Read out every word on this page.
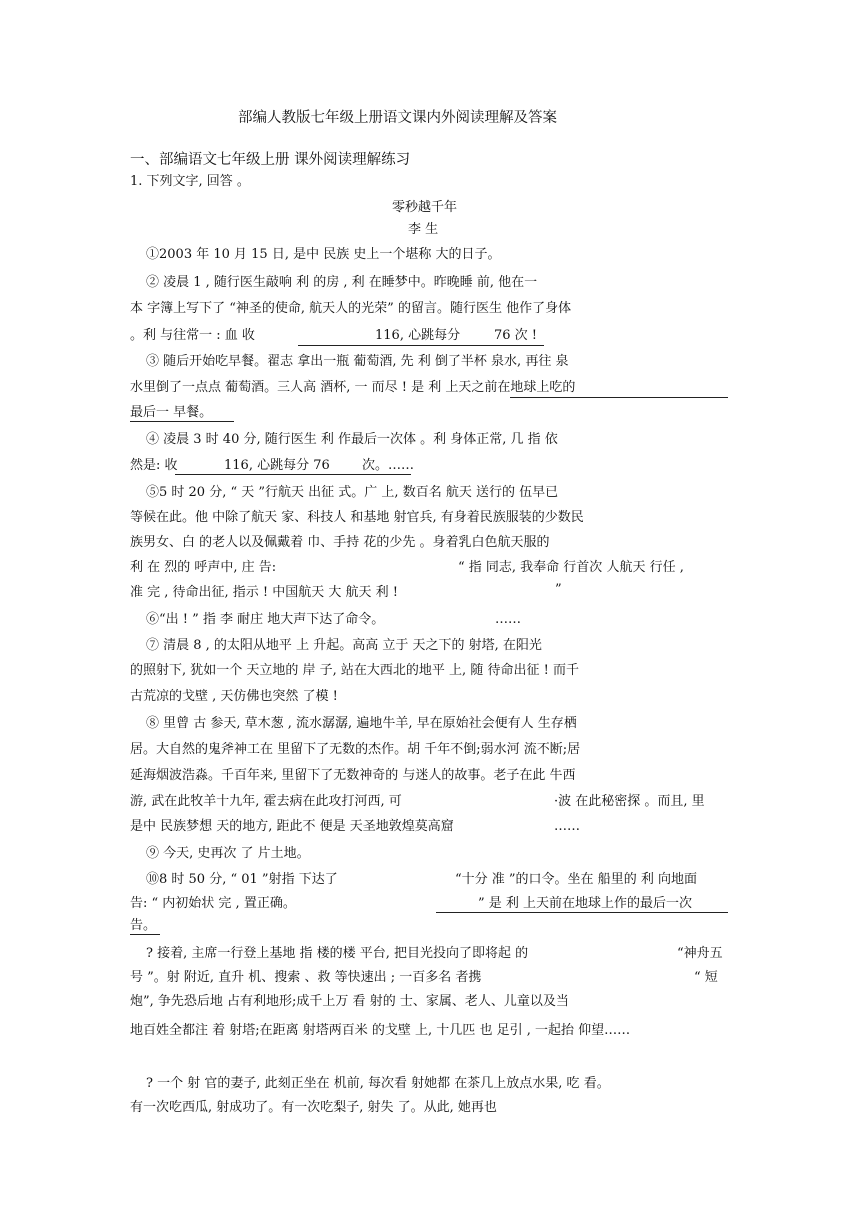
部编人教版七年级上册语文课内外阅读理解及答案
一、部编语文七年级上册 课外阅读理解练习
1. 下列文字, 回答 。
零秒越千年
李 生
①2003 年 10 月 15 日, 是中 民族 史上一个堪称 大的日子。
② 凌晨 1 , 随行医生敲响 利 的房 , 利 在睡梦中。昨晚睡 前, 他在一
本 字簿上写下了 “神圣的使命, 航天人的光荣” 的留言。随行医生 他作了身体
。利 与往常一 : 血 收	116, 心跳每分	76 次 !
③ 随后开始吃早餐。翟志 拿出一瓶 葡萄酒, 先 利 倒了半杯 泉水, 再往 泉
水里倒了一点点 葡萄酒。三人高 酒杯, 一 而尽 ! 是 利 上天之前在地球上吃的
最后一 早餐。
④ 凌晨 3 时 40 分, 随行医生 利 作最后一次体 。利 身体正常, 几 指 依
然是: 收	116, 心跳每分 76 次。……
⑤5 时 20 分, “ 天 ”行航天 出征 式。广 上, 数百名 航天 送行的 伍早已
等候在此。他 中除了航天 家、科技人 和基地 射官兵, 有身着民族服装的少数民
族男女、白 的老人以及佩戴着 巾、手持 花的少先 。身着乳白色航天服的
利 在 烈的 呼声中, 庄 告:	“ 指 同志, 我奉命 行首次 人航天 行任 ,
准 完 , 待命出征, 指示 ! 中国航天 大 航天 利 !	”
⑥“出 ! ” 指 李 耐庄 地大声下达了命令。	……
⑦ 清晨 8 , 的太阳从地平 上 升起。高高 立于 天之下的 射塔, 在阳光
的照射下, 犹如一个 天立地的 岸 子, 站在大西北的地平 上, 随 待命出征 ! 而千
古荒凉的戈壁 , 天仿佛也突然 了模 !
⑧ 里曾 古 参天, 草木葱 , 流水潺潺, 遍地牛羊, 早在原始社会便有人 生存栖
居。大自然的鬼斧神工在 里留下了无数的杰作。胡 千年不倒;弱水河 流不断;居
延海烟波浩淼。千百年来, 里留下了无数神奇的 与迷人的故事。老子在此 牛西
游, 武在此牧羊十九年, 霍去病在此攻打河西, 可	·波 在此秘密探 。而且, 里
是中 民族梦想 天的地方, 距此不 便是 天圣地敦煌莫高窟	……
⑨ 今天, 史再次 了 片土地。
⑩8 时 50 分, “ 01 ”射指 下达了	“十分 准 ”的口令。坐在 船里的 利 向地面
告: “ 内初始状 完 , 置正确。	” 是 利 上天前在地球上作的最后一次
告。
? 接着, 主席一行登上基地 指 楼的楼 平台, 把目光投向了即将起 的	“神舟五
号 ”。射 附近, 直升 机、搜索 、救 等快速出 ; 一百多名 者携	“ 短
炮”, 争先恐后地 占有利地形;成千上万 看 射的 士、家属、老人、儿童以及当
地百姓全都注 着 射塔;在距离 射塔两百米 的戈壁 上, 十几匹 也 足引 , 一起抬 仰望……
? 一个 射 官的妻子, 此刻正坐在 机前, 每次看 射她都 在茶几上放点水果, 吃 看。
有一次吃西瓜, 射成功了。有一次吃梨子, 射失 了。从此, 她再也
